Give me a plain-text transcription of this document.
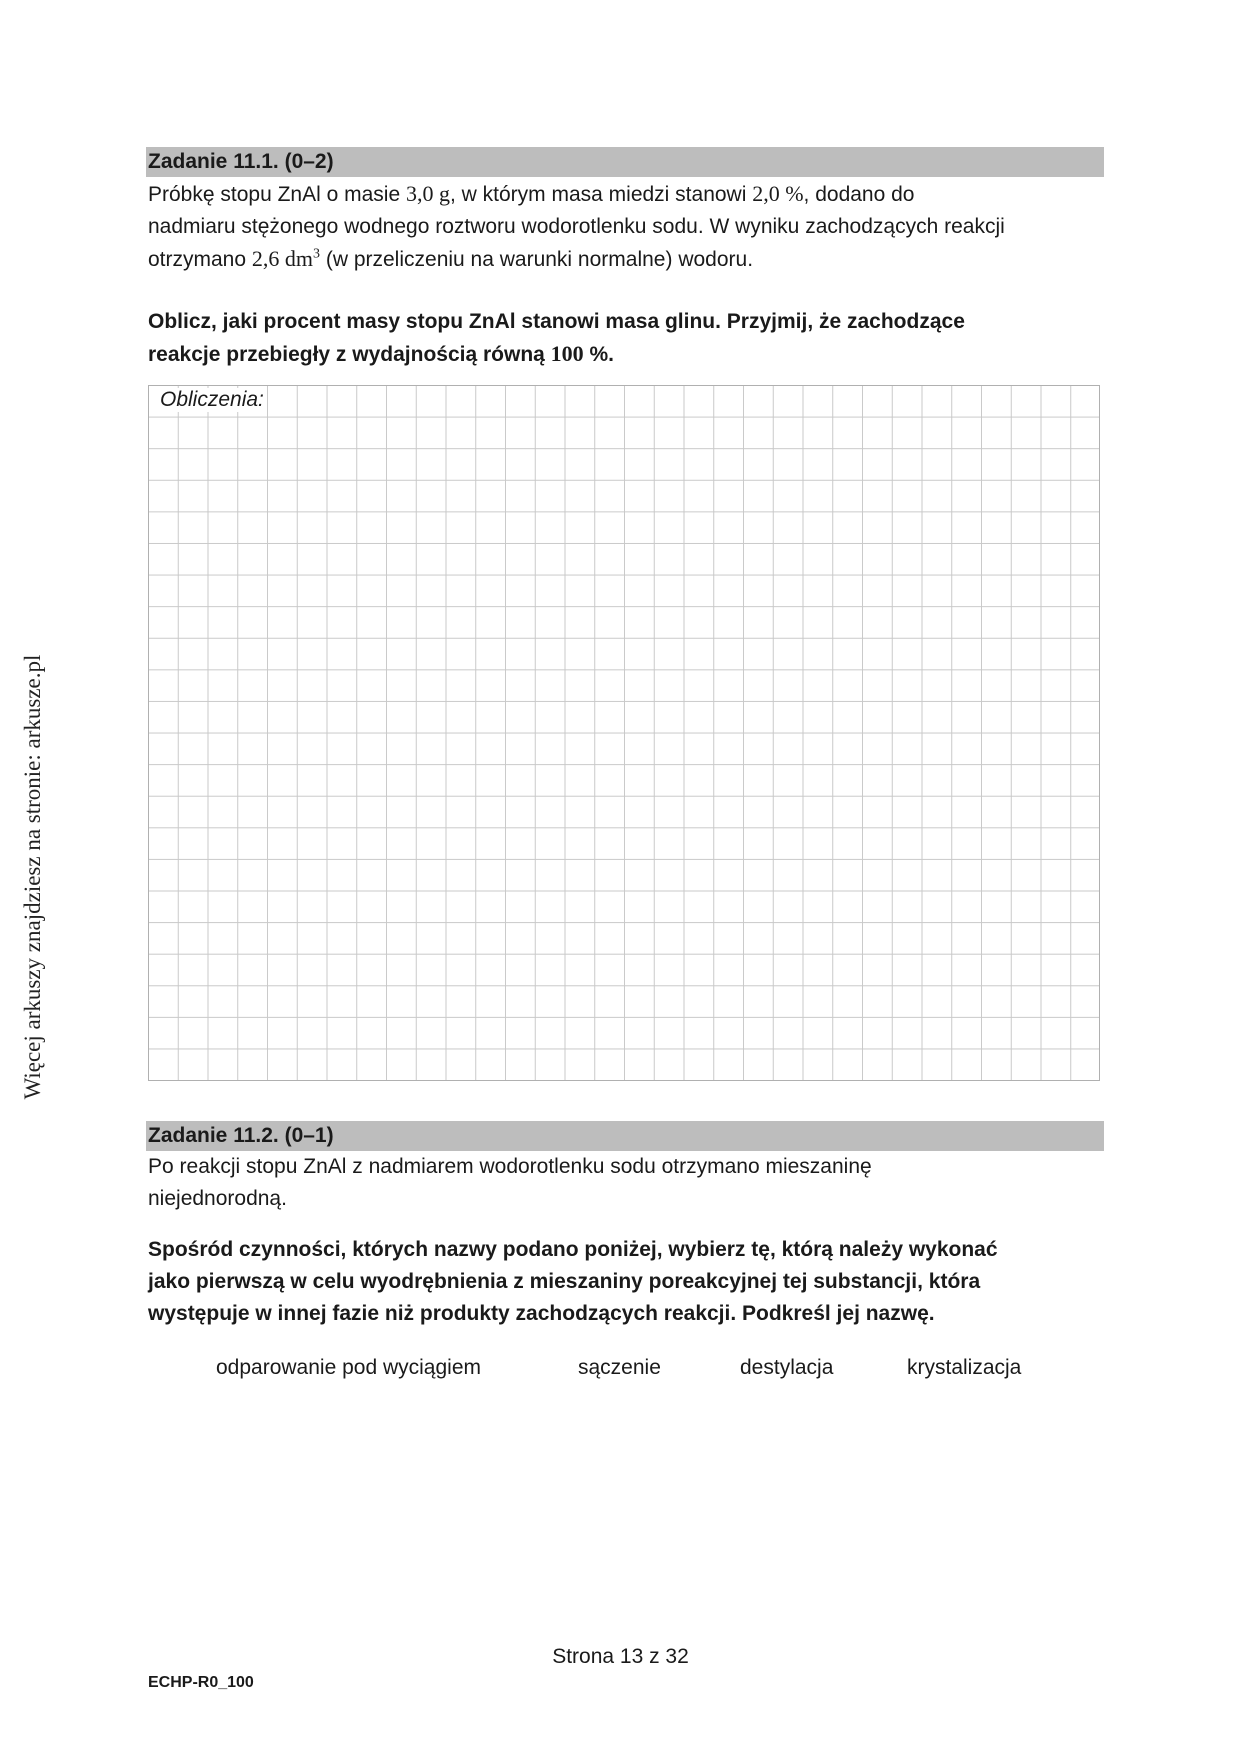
Więcej arkuszy znajdziesz na stronie: arkusze.pl
Zadanie 11.1. (0–2)
Próbkę stopu ZnAl o masie 3,0 g, w którym masa miedzi stanowi 2,0 %, dodano do
nadmiaru stężonego wodnego roztworu wodorotlenku sodu. W wyniku zachodzących reakcji
otrzymano 2,6 $dm^3$ (w przeliczeniu na warunki normalne) wodoru.
Oblicz, jaki procent masy stopu ZnAl stanowi masa glinu. Przyjmij, że zachodzące
reakcje przebiegły z wydajnością równą 100 %.
Obliczenia:
Zadanie 11.2. (0–1)
Po reakcji stopu ZnAl z nadmiarem wodorotlenku sodu otrzymano mieszaninę
niejednorodną.
Spośród czynności, których nazwy podano poniżej, wybierz tę, którą należy wykonać
jako pierwszą w celu wyodrębnienia z mieszaniny poreakcyjnej tej substancji, która
występuje w innej fazie niż produkty zachodzących reakcji. Podkreśl jej nazwę.
odparowanie pod wyciągiem	sączenie	destylacja	krystalizacja
Strona 13 z 32
ECHP-R0_100
